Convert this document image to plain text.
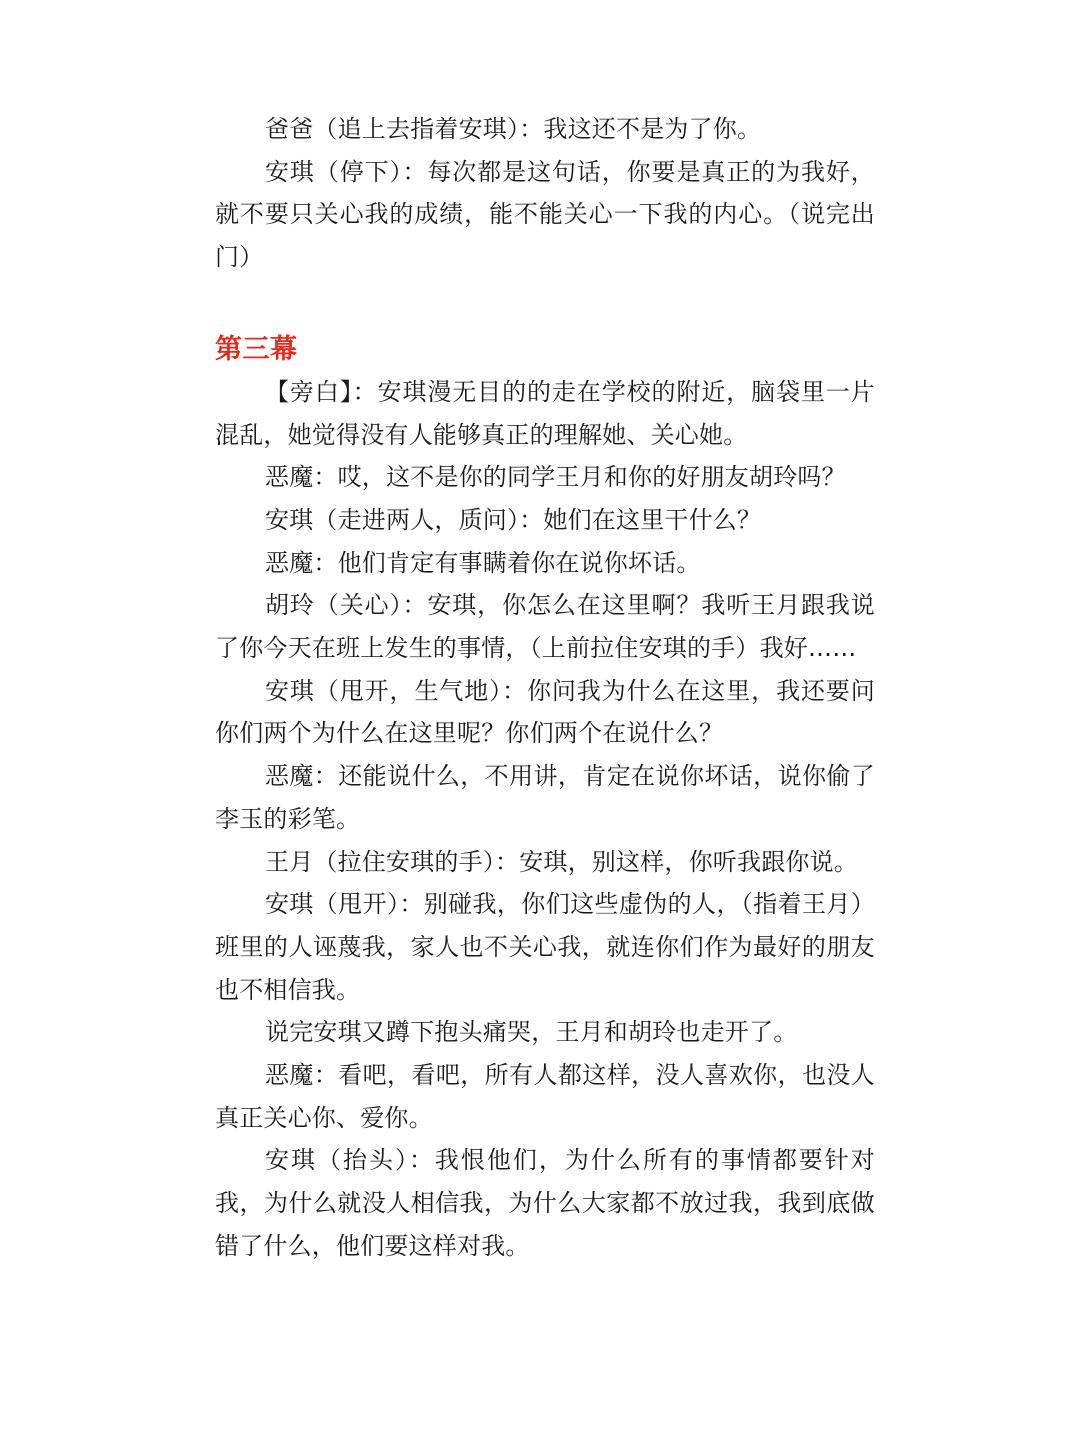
爸爸（追上去指着安琪）：我这还不是为了你。

安琪（停下）：每次都是这句话，你要是真正的为我好，就不要只关心我的成绩，能不能关心一下我的内心。（说完出门）

第三幕

【旁白】：安琪漫无目的的走在学校的附近，脑袋里一片混乱，她觉得没有人能够真正的理解她、关心她。

恶魔：哎，这不是你的同学王月和你的好朋友胡玲吗？

安琪（走进两人，质问）：她们在这里干什么？

恶魔：他们肯定有事瞒着你在说你坏话。

胡玲（关心）：安琪，你怎么在这里啊？我听王月跟我说了你今天在班上发生的事情，（上前拉住安琪的手）我好……

安琪（甩开，生气地）：你问我为什么在这里，我还要问你们两个为什么在这里呢？你们两个在说什么？

恶魔：还能说什么，不用讲，肯定在说你坏话，说你偷了李玉的彩笔。

王月（拉住安琪的手）：安琪，别这样，你听我跟你说。

安琪（甩开）：别碰我，你们这些虚伪的人，（指着王月）班里的人诬蔑我，家人也不关心我，就连你们作为最好的朋友也不相信我。

说完安琪又蹲下抱头痛哭，王月和胡玲也走开了。

恶魔：看吧，看吧，所有人都这样，没人喜欢你，也没人真正关心你、爱你。

安琪（抬头）：我恨他们，为什么所有的事情都要针对我，为什么就没人相信我，为什么大家都不放过我，我到底做错了什么，他们要这样对我。
